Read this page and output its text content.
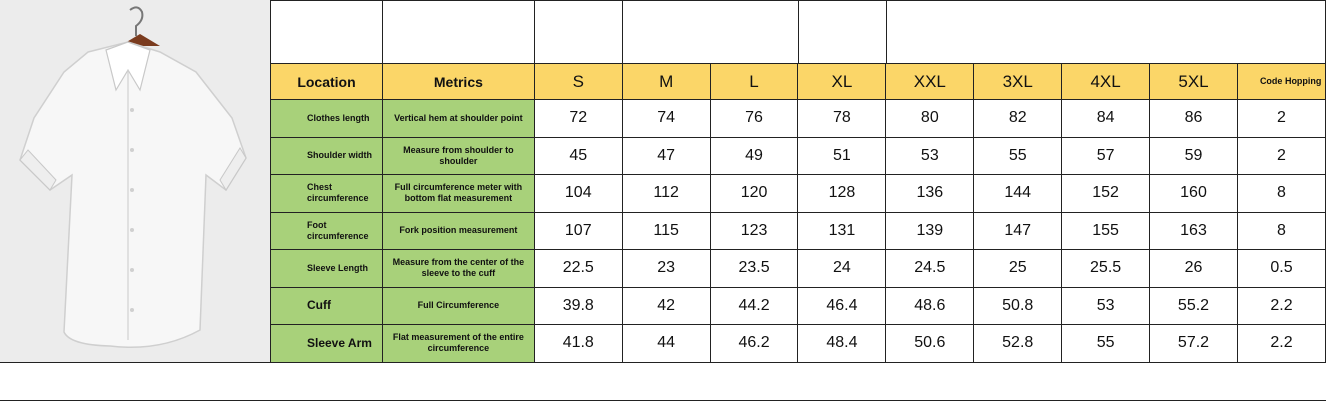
Location	Metrics	S	M	L	XL	XXL	3XL	4XL	5XL	Code Hopping
Clothes length	Vertical hem at shoulder point	72	74	76	78	80	82	84	86	2
Shoulder width	Measure from shoulder to shoulder	45	47	49	51	53	55	57	59	2
Chest circumference	Full circumference meter with bottom flat measurement	104	112	120	128	136	144	152	160	8
Foot circumference	Fork position measurement	107	115	123	131	139	147	155	163	8
Sleeve Length	Measure from the center of the sleeve to the cuff	22.5	23	23.5	24	24.5	25	25.5	26	0.5
Cuff	Full Circumference	39.8	42	44.2	46.4	48.6	50.8	53	55.2	2.2
Sleeve Arm	Flat measurement of the entire circumference	41.8	44	46.2	48.4	50.6	52.8	55	57.2	2.2
